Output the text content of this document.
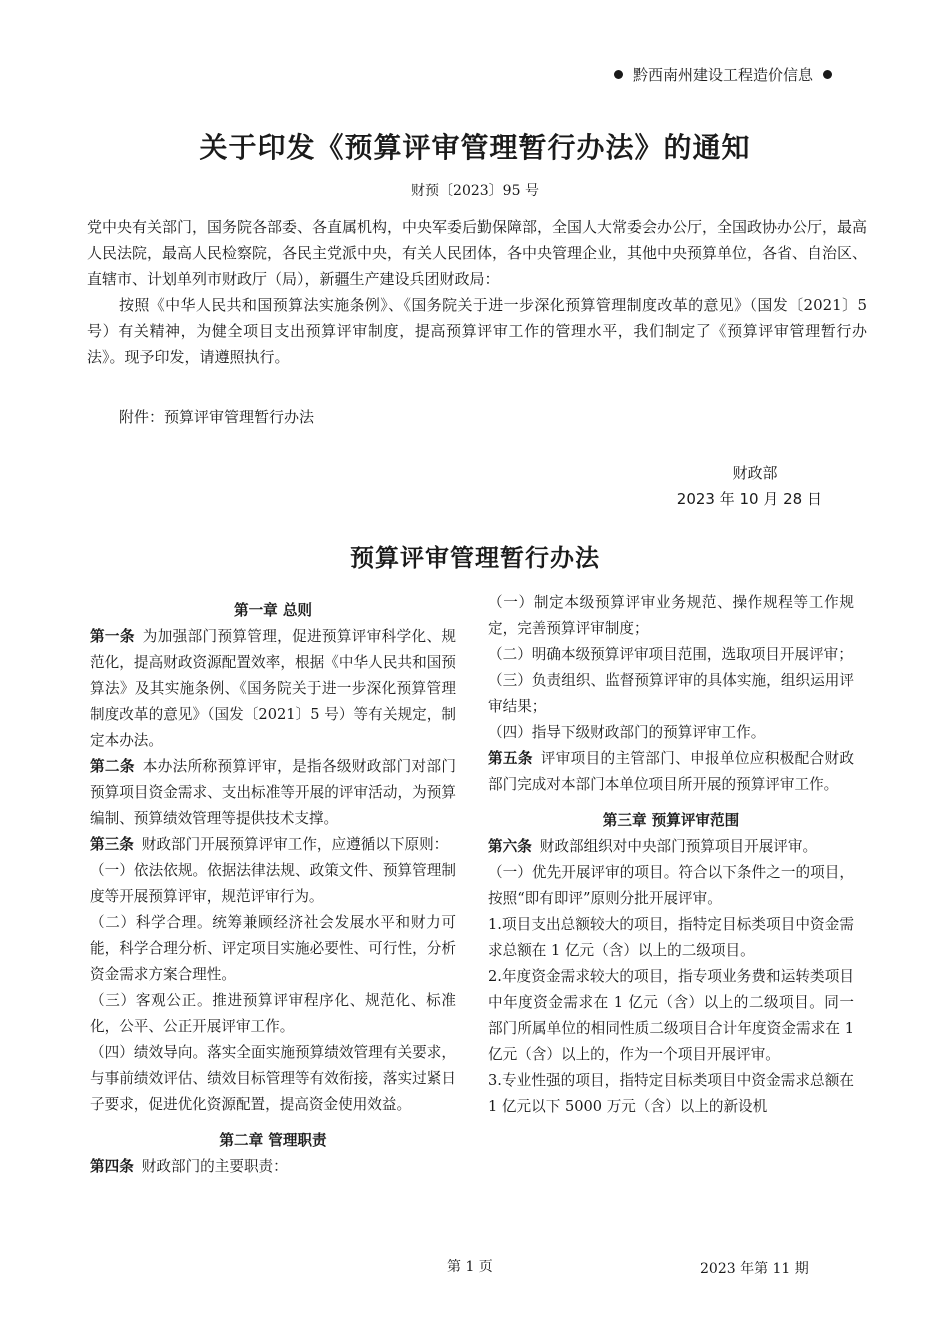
黔西南州建设工程造价信息
关于印发《预算评审管理暂行办法》的通知
财预〔2023〕95 号

党中央有关部门，国务院各部委、各直属机构，中央军委后勤保障部，全国人大常委会办公厅，全国政协办公厅，最高人民法院，最高人民检察院，各民主党派中央，有关人民团体，各中央管理企业，其他中央预算单位，各省、自治区、直辖市、计划单列市财政厅（局），新疆生产建设兵团财政局：

按照《中华人民共和国预算法实施条例》、《国务院关于进一步深化预算管理制度改革的意见》（国发〔2021〕5 号）有关精神，为健全项目支出预算评审制度，提高预算评审工作的管理水平，我们制定了《预算评审管理暂行办法》。现予印发，请遵照执行。

附件：预算评审管理暂行办法
财政部
2023 年 10 月 28 日
预算评审管理暂行办法

第一章 总则

第一条 为加强部门预算管理，促进预算评审科学化、规范化，提高财政资源配置效率，根据《中华人民共和国预算法》及其实施条例、《国务院关于进一步深化预算管理制度改革的意见》（国发〔2021〕5 号）等有关规定，制定本办法。

第二条 本办法所称预算评审，是指各级财政部门对部门预算项目资金需求、支出标准等开展的评审活动，为预算编制、预算绩效管理等提供技术支撑。

第三条 财政部门开展预算评审工作，应遵循以下原则：

（一）依法依规。依据法律法规、政策文件、预算管理制度等开展预算评审，规范评审行为。

（二）科学合理。统筹兼顾经济社会发展水平和财力可能，科学合理分析、评定项目实施必要性、可行性，分析资金需求方案合理性。

（三）客观公正。推进预算评审程序化、规范化、标准化，公平、公正开展评审工作。

（四）绩效导向。落实全面实施预算绩效管理有关要求，与事前绩效评估、绩效目标管理等有效衔接，落实过紧日子要求，促进优化资源配置，提高资金使用效益。

第二章 管理职责

第四条 财政部门的主要职责：

（一）制定本级预算评审业务规范、操作规程等工作规定，完善预算评审制度；

（二）明确本级预算评审项目范围，选取项目开展评审；

（三）负责组织、监督预算评审的具体实施，组织运用评审结果；

（四）指导下级财政部门的预算评审工作。

第五条 评审项目的主管部门、申报单位应积极配合财政部门完成对本部门本单位项目所开展的预算评审工作。

第三章 预算评审范围

第六条 财政部组织对中央部门预算项目开展评审。

（一）优先开展评审的项目。符合以下条件之一的项目，按照“即有即评”原则分批开展评审。

1.项目支出总额较大的项目，指特定目标类项目中资金需求总额在 1 亿元（含）以上的二级项目。

2.年度资金需求较大的项目，指专项业务费和运转类项目中年度资金需求在 1 亿元（含）以上的二级项目。同一部门所属单位的相同性质二级项目合计年度资金需求在 1 亿元（含）以上的，作为一个项目开展评审。

3.专业性强的项目，指特定目标类项目中资金需求总额在 1 亿元以下 5000 万元（含）以上的新设机

第 1 页	2023 年第 11 期
